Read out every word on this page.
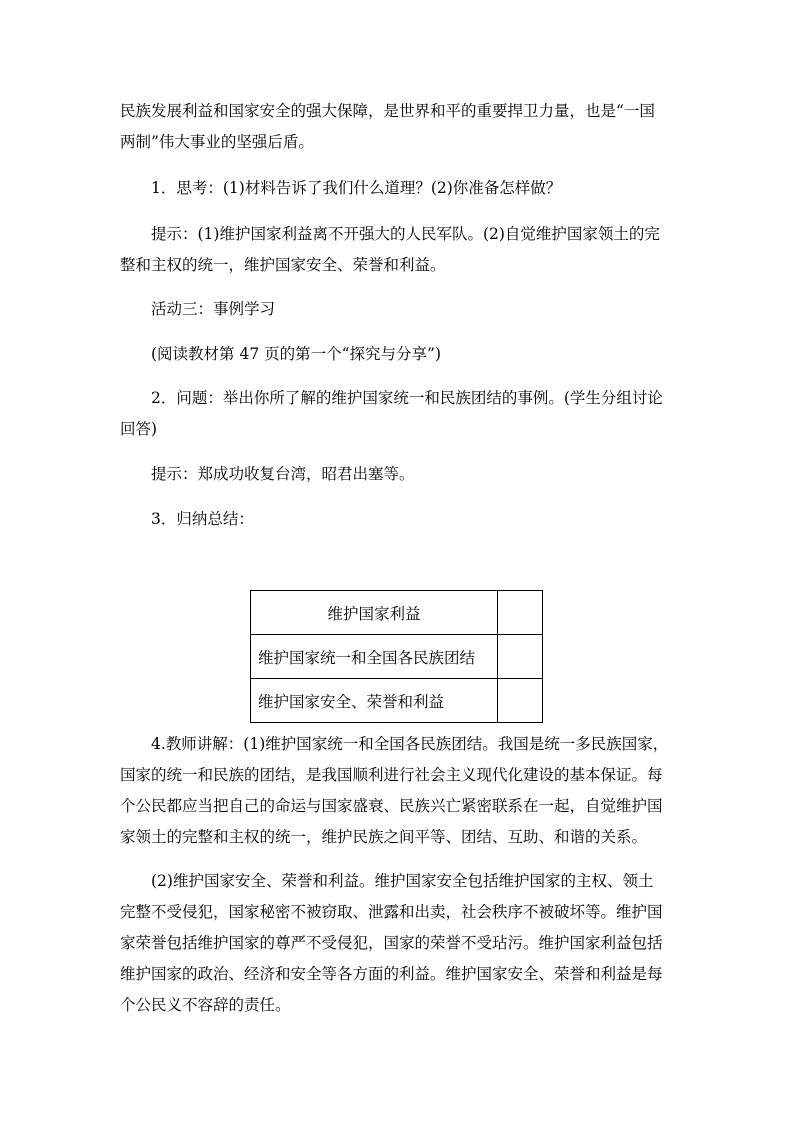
民族发展利益和国家安全的强大保障，是世界和平的重要捍卫力量，也是“一国
两制”伟大事业的坚强后盾。

1．思考：(1)材料告诉了我们什么道理？(2)你准备怎样做？

提示：(1)维护国家利益离不开强大的人民军队。(2)自觉维护国家领土的完
整和主权的统一，维护国家安全、荣誉和利益。

活动三：事例学习

(阅读教材第 47 页的第一个“探究与分享”)

2．问题：举出你所了解的维护国家统一和民族团结的事例。(学生分组讨论
回答)

提示：郑成功收复台湾，昭君出塞等。

3．归纳总结：

维护国家利益	
维护国家统一和全国各民族团结	
维护国家安全、荣誉和利益	

4.教师讲解：(1)维护国家统一和全国各民族团结。我国是统一多民族国家，
国家的统一和民族的团结，是我国顺利进行社会主义现代化建设的基本保证。每
个公民都应当把自己的命运与国家盛衰、民族兴亡紧密联系在一起，自觉维护国
家领土的完整和主权的统一，维护民族之间平等、团结、互助、和谐的关系。

(2)维护国家安全、荣誉和利益。维护国家安全包括维护国家的主权、领土
完整不受侵犯，国家秘密不被窃取、泄露和出卖，社会秩序不被破坏等。维护国
家荣誉包括维护国家的尊严不受侵犯，国家的荣誉不受玷污。维护国家利益包括
维护国家的政治、经济和安全等各方面的利益。维护国家安全、荣誉和利益是每
个公民义不容辞的责任。
